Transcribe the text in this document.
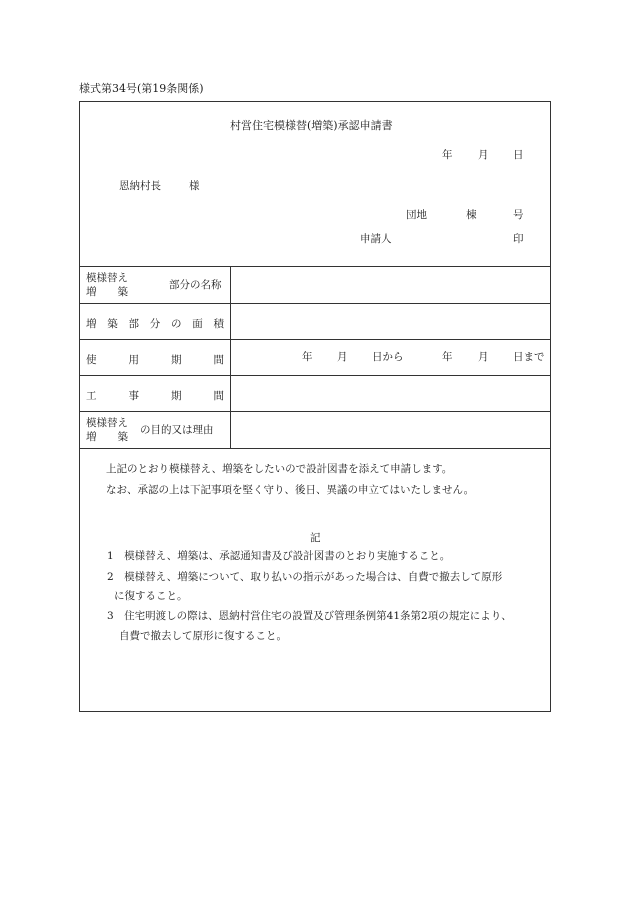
様式第34号(第19条関係)
村営住宅模様替(増築)承認申請書
年 月 日
恩納村長	様
団地	棟	号
申請人	印
模様替え
増　　築
部分の名称
増 築 部 分 の 面 積
使	用	期	間	年 月 日から	年 月 日まで
工	事	期	間
模様替え
増　　築
の目的又は理由
上記のとおり模様替え、増築をしたいので設計図書を添えて申請します。
なお、承認の上は下記事項を堅く守り、後日、異議の申立てはいたしません。
記
1　模様替え、増築は、承認通知書及び設計図書のとおり実施すること。
2　模様替え、増築について、取り払いの指示があった場合は、自費で撤去して原形
に復すること。
3　住宅明渡しの際は、恩納村営住宅の設置及び管理条例第41条第2項の規定により、
自費で撤去して原形に復すること。
